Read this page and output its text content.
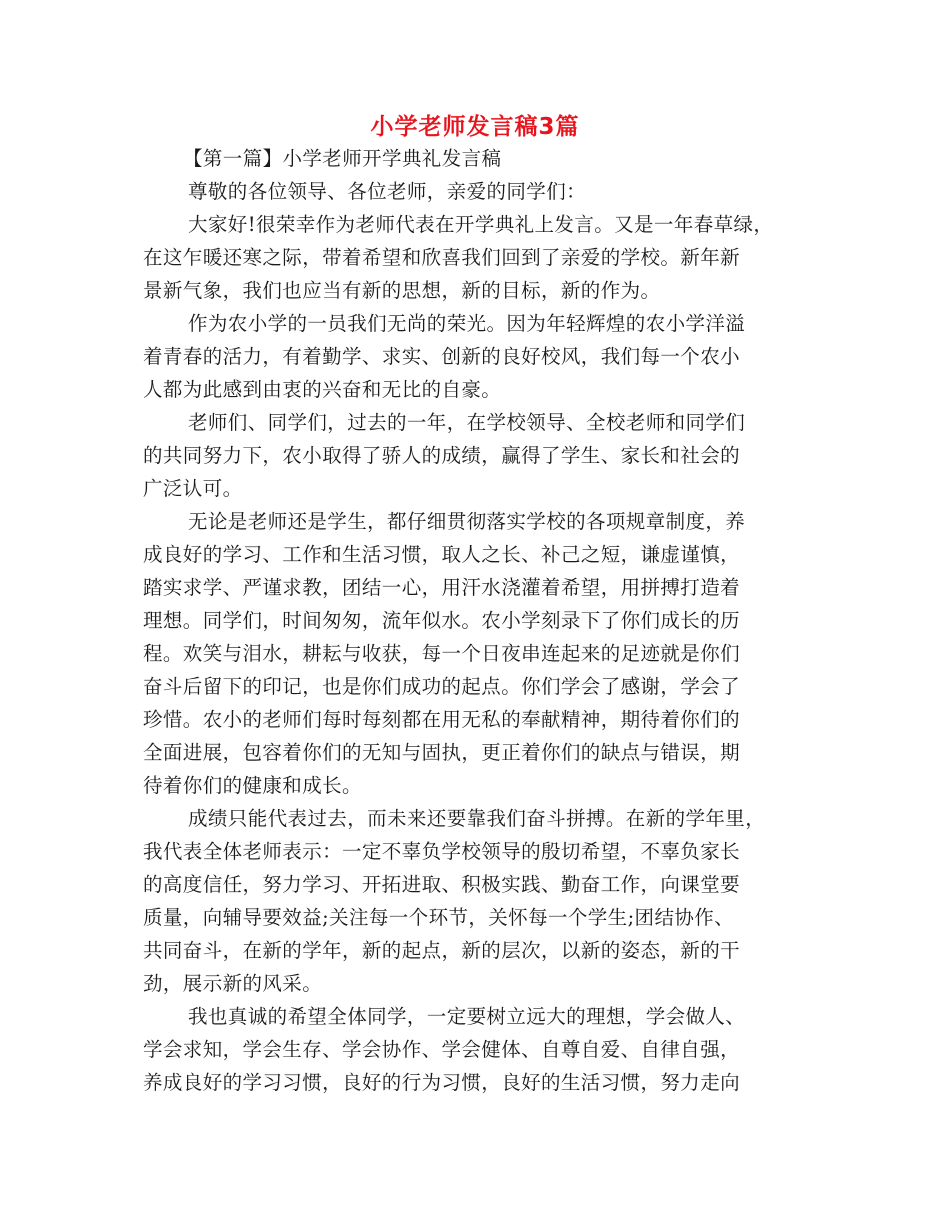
小学老师发言稿3篇
【第一篇】小学老师开学典礼发言稿
尊敬的各位领导、各位老师，亲爱的同学们：
大家好!很荣幸作为老师代表在开学典礼上发言。又是一年春草绿，
在这乍暖还寒之际，带着希望和欣喜我们回到了亲爱的学校。新年新
景新气象，我们也应当有新的思想，新的目标，新的作为。
作为农小学的一员我们无尚的荣光。因为年轻辉煌的农小学洋溢
着青春的活力，有着勤学、求实、创新的良好校风，我们每一个农小
人都为此感到由衷的兴奋和无比的自豪。
老师们、同学们，过去的一年，在学校领导、全校老师和同学们
的共同努力下，农小取得了骄人的成绩，赢得了学生、家长和社会的
广泛认可。
无论是老师还是学生，都仔细贯彻落实学校的各项规章制度，养
成良好的学习、工作和生活习惯，取人之长、补己之短，谦虚谨慎，
踏实求学、严谨求教，团结一心，用汗水浇灌着希望，用拼搏打造着
理想。同学们，时间匆匆，流年似水。农小学刻录下了你们成长的历
程。欢笑与泪水，耕耘与收获，每一个日夜串连起来的足迹就是你们
奋斗后留下的印记，也是你们成功的起点。你们学会了感谢，学会了
珍惜。农小的老师们每时每刻都在用无私的奉献精神，期待着你们的
全面进展，包容着你们的无知与固执，更正着你们的缺点与错误，期
待着你们的健康和成长。
成绩只能代表过去，而未来还要靠我们奋斗拼搏。在新的学年里，
我代表全体老师表示：一定不辜负学校领导的殷切希望，不辜负家长
的高度信任，努力学习、开拓进取、积极实践、勤奋工作，向课堂要
质量，向辅导要效益;关注每一个环节，关怀每一个学生;团结协作、
共同奋斗，在新的学年，新的起点，新的层次，以新的姿态，新的干
劲，展示新的风采。
我也真诚的希望全体同学，一定要树立远大的理想，学会做人、
学会求知，学会生存、学会协作、学会健体、自尊自爱、自律自强，
养成良好的学习习惯，良好的行为习惯，良好的生活习惯，努力走向
